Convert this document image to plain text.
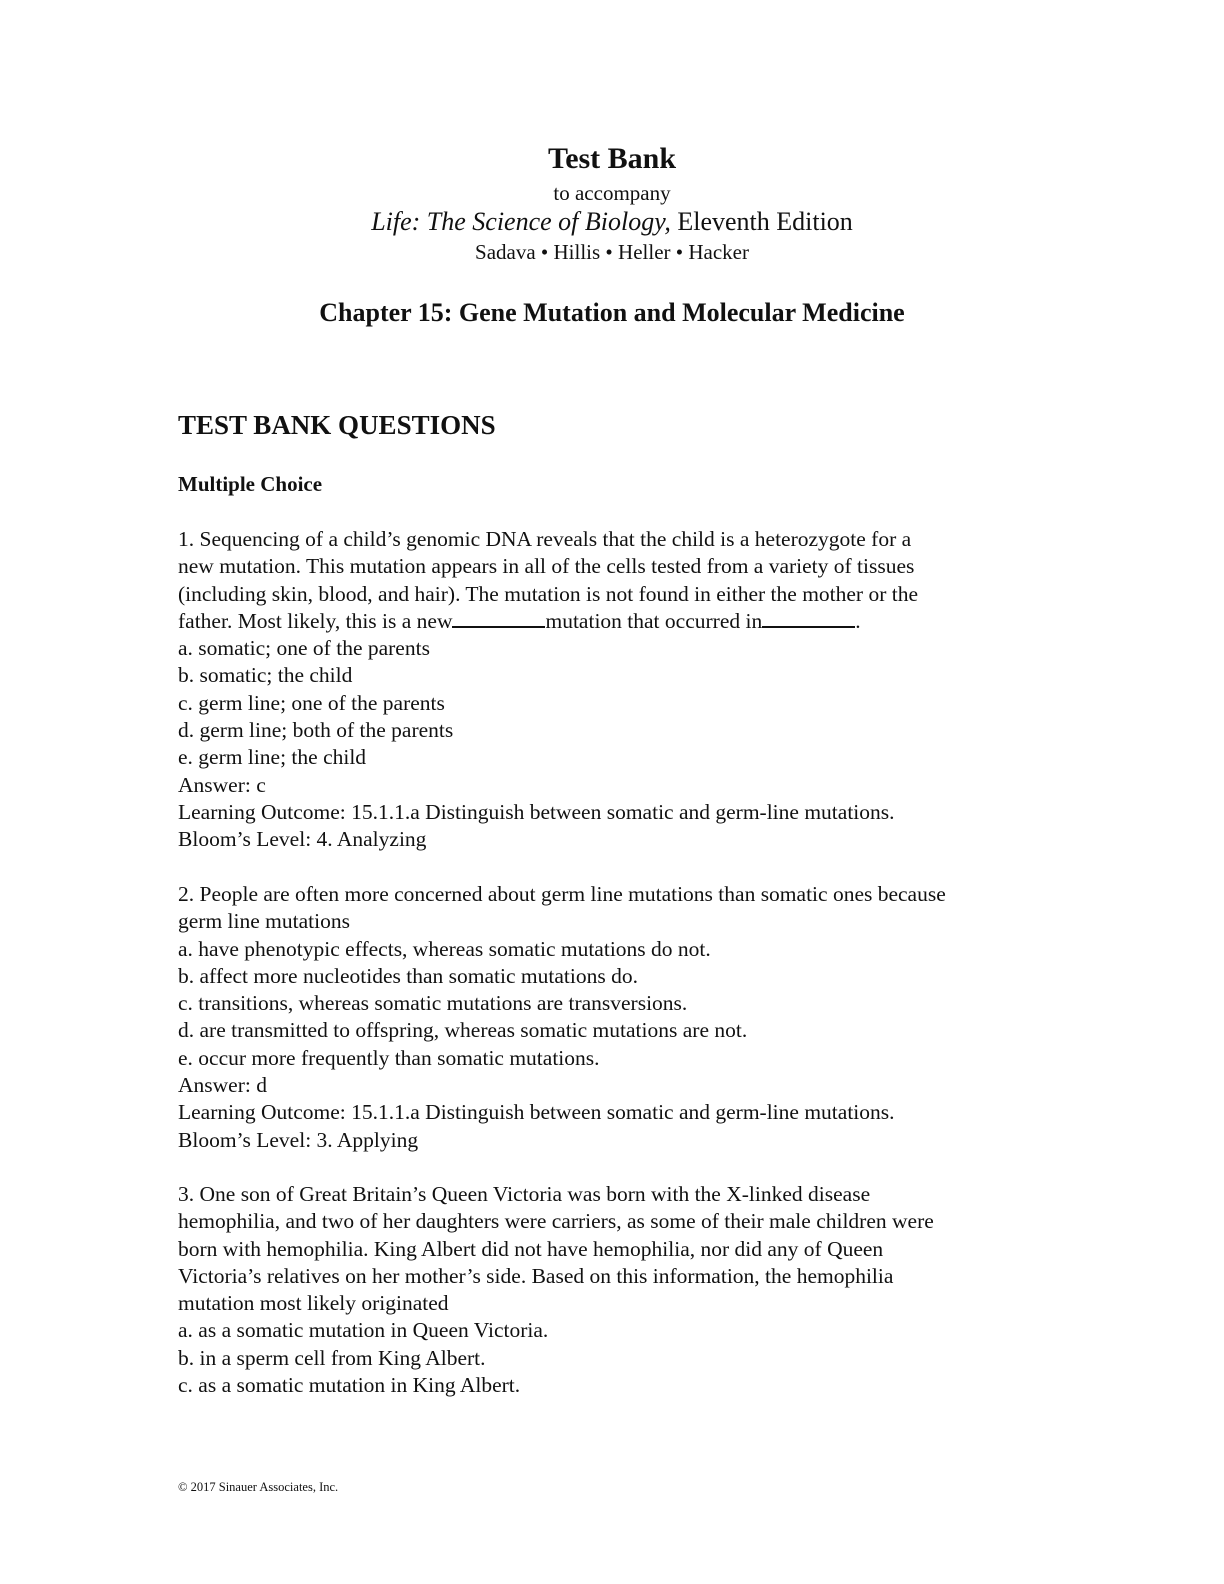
Test Bank
to accompany
Life: The Science of Biology, Eleventh Edition
Sadava • Hillis • Heller • Hacker
Chapter 15: Gene Mutation and Molecular Medicine
TEST BANK QUESTIONS
Multiple Choice
1. Sequencing of a child’s genomic DNA reveals that the child is a heterozygote for a
new mutation. This mutation appears in all of the cells tested from a variety of tissues
(including skin, blood, and hair). The mutation is not found in either the mother or the
father. Most likely, this is a new	mutation that occurred in	.
a. somatic; one of the parents
b. somatic; the child
c. germ line; one of the parents
d. germ line; both of the parents
e. germ line; the child
Answer: c
Learning Outcome: 15.1.1.a Distinguish between somatic and germ-line mutations.
Bloom’s Level: 4. Analyzing
2. People are often more concerned about germ line mutations than somatic ones because
germ line mutations
a. have phenotypic effects, whereas somatic mutations do not.
b. affect more nucleotides than somatic mutations do.
c. transitions, whereas somatic mutations are transversions.
d. are transmitted to offspring, whereas somatic mutations are not.
e. occur more frequently than somatic mutations.
Answer: d
Learning Outcome: 15.1.1.a Distinguish between somatic and germ-line mutations.
Bloom’s Level: 3. Applying
3. One son of Great Britain’s Queen Victoria was born with the X-linked disease
hemophilia, and two of her daughters were carriers, as some of their male children were
born with hemophilia. King Albert did not have hemophilia, nor did any of Queen
Victoria’s relatives on her mother’s side. Based on this information, the hemophilia
mutation most likely originated
a. as a somatic mutation in Queen Victoria.
b. in a sperm cell from King Albert.
c. as a somatic mutation in King Albert.
© 2017 Sinauer Associates, Inc.
